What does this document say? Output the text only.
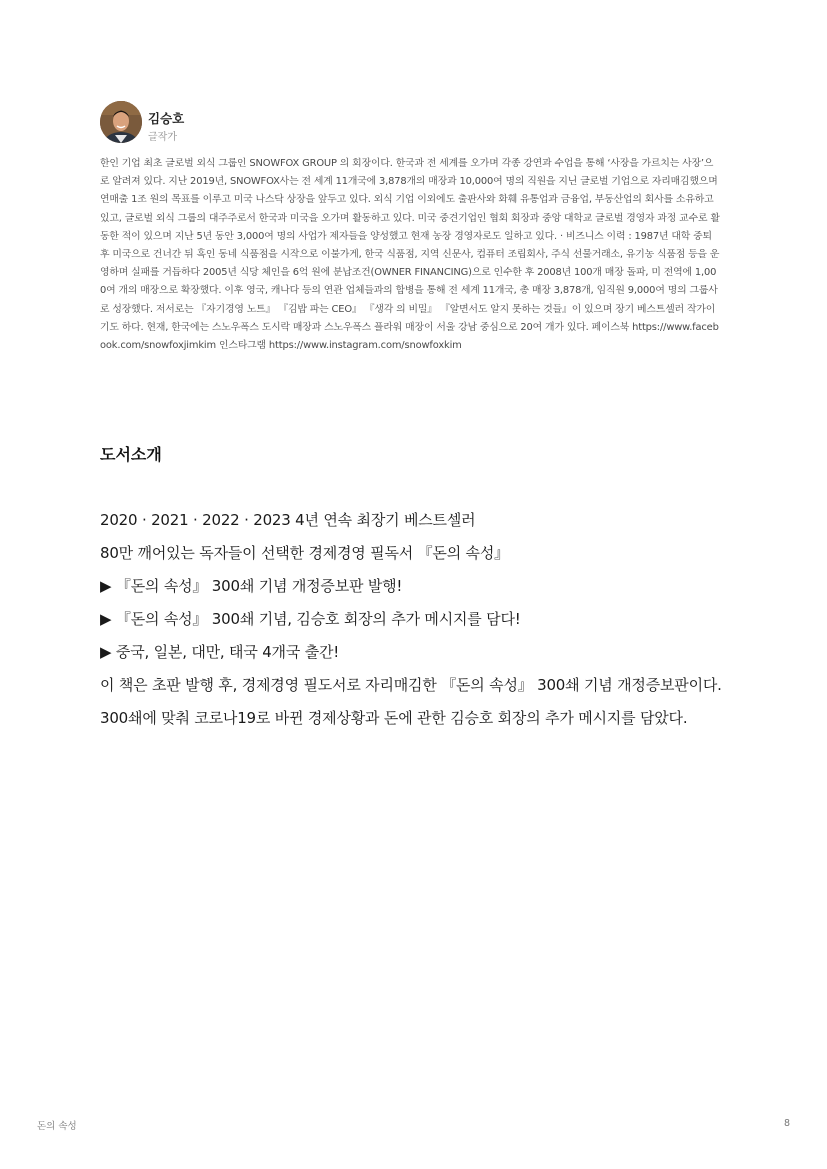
김승호
글작가

한인 기업 최초 글로벌 외식 그룹인 SNOWFOX GROUP 의 회장이다. 한국과 전 세계를 오가며 각종 강연과 수업을 통해 ‘사장을 가르치는 사장’으로 알려져 있다. 지난 2019년, SNOWFOX사는 전 세계 11개국에 3,878개의 매장과 10,000여 명의 직원을 지닌 글로벌 기업으로 자리매김했으며 연매출 1조 원의 목표를 이루고 미국 나스닥 상장을 앞두고 있다. 외식 기업 이외에도 출판사와 화훼 유통업과 금융업, 부동산업의 회사를 소유하고 있고, 글로벌 외식 그룹의 대주주로서 한국과 미국을 오가며 활동하고 있다. 미국 중견기업인 협회 회장과 중앙 대학교 글로벌 경영자 과정 교수로 활동한 적이 있으며 지난 5년 동안 3,000여 명의 사업가 제자들을 양성했고 현재 농장 경영자로도 일하고 있다. · 비즈니스 이력 : 1987년 대학 중퇴 후 미국으로 건너간 뒤 흑인 동네 식품점을 시작으로 이불가게, 한국 식품점, 지역 신문사, 컴퓨터 조립회사, 주식 선물거래소, 유기농 식품점 등을 운영하며 실패를 거듭하다 2005년 식당 체인을 6억 원에 분납조건(OWNER FINANCING)으로 인수한 후 2008년 100개 매장 돌파, 미 전역에 1,000여 개의 매장으로 확장했다. 이후 영국, 캐나다 등의 연관 업체들과의 합병을 통해 전 세계 11개국, 총 매장 3,878개, 임직원 9,000여 명의 그룹사로 성장했다. 저서로는 『자기경영 노트』 『김밥 파는 CEO』 『생각 의 비밀』 『알면서도 알지 못하는 것들』이 있으며 장기 베스트셀러 작가이기도 하다. 현재, 한국에는 스노우폭스 도시락 매장과 스노우폭스 플라워 매장이 서울 강남 중심으로 20여 개가 있다. 페이스북 https://www.facebook.com/snowfoxjimkim 인스타그램 https://www.instagram.com/snowfoxkim

도서소개

2020 · 2021 · 2022 · 2023 4년 연속 최장기 베스트셀러

80만 깨어있는 독자들이 선택한 경제경영 필독서 『돈의 속성』

▶ 『돈의 속성』 300쇄 기념 개정증보판 발행!

▶ 『돈의 속성』 300쇄 기념, 김승호 회장의 추가 메시지를 담다!

▶ 중국, 일본, 대만, 태국 4개국 출간!

이 책은 초판 발행 후, 경제경영 필도서로 자리매김한 『돈의 속성』 300쇄 기념 개정증보판이다.

300쇄에 맞춰 코로나19로 바뀐 경제상황과 돈에 관한 김승호 회장의 추가 메시지를 담았다.

돈의 속성	8
